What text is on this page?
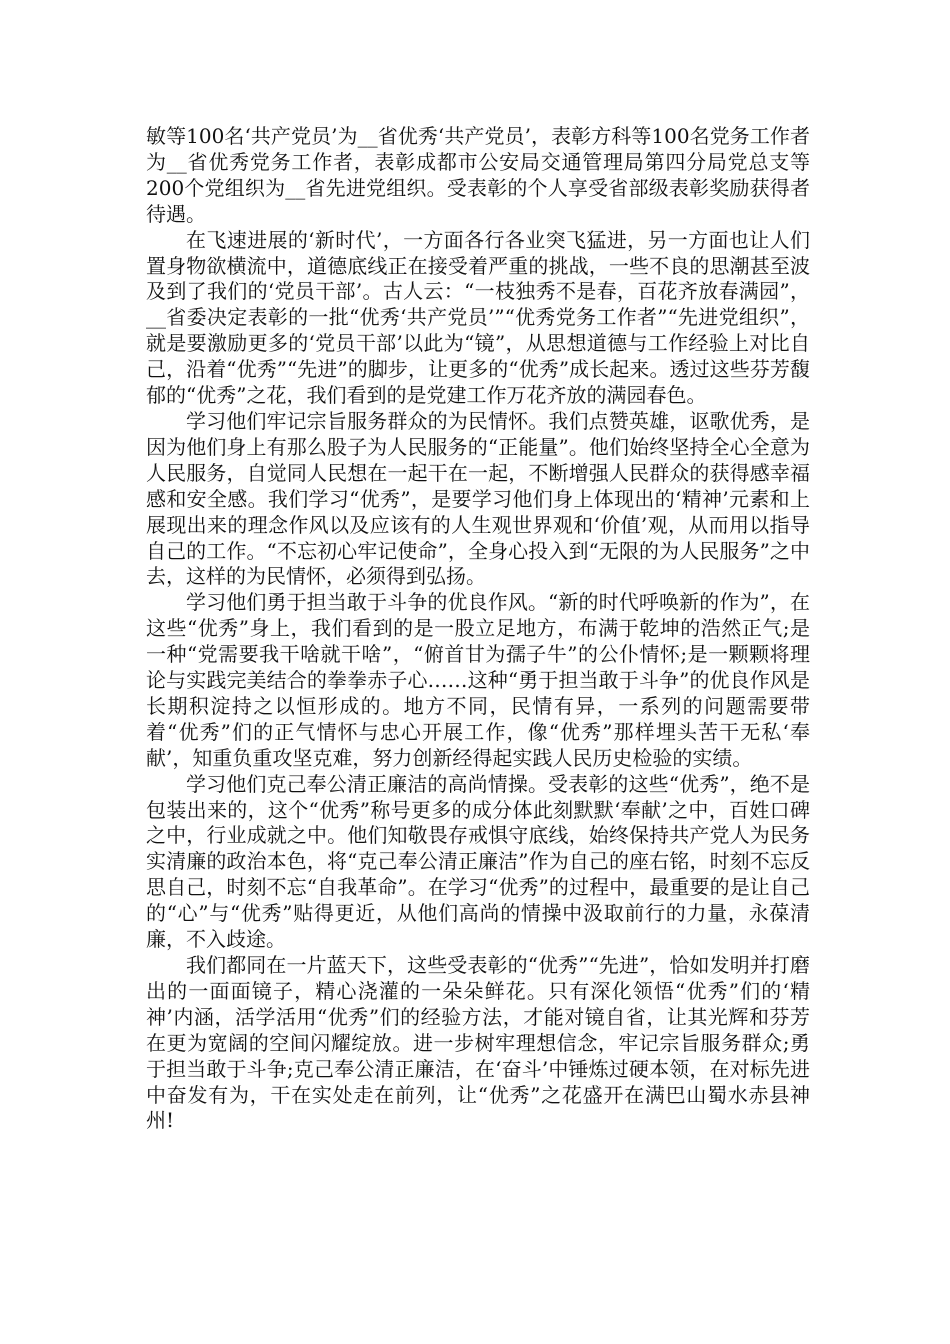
敏等100名‘共产党员’为__省优秀‘共产党员’，表彰方科等100名党务工作者为__省优秀党务工作者，表彰成都市公安局交通管理局第四分局党总支等200个党组织为__省先进党组织。受表彰的个人享受省部级表彰奖励获得者待遇。

在飞速进展的‘新时代’，一方面各行各业突飞猛进，另一方面也让人们置身物欲横流中，道德底线正在接受着严重的挑战，一些不良的思潮甚至波及到了我们的‘党员干部’。古人云：“一枝独秀不是春，百花齐放春满园”，__省委决定表彰的一批“优秀‘共产党员’”“优秀党务工作者”“先进党组织”，就是要激励更多的‘党员干部’以此为“镜”，从思想道德与工作经验上对比自己，沿着“优秀”“先进”的脚步，让更多的“优秀”成长起来。透过这些芬芳馥郁的“优秀”之花，我们看到的是党建工作万花齐放的满园春色。

学习他们牢记宗旨服务群众的为民情怀。我们点赞英雄，讴歌优秀，是因为他们身上有那么股子为人民服务的“正能量”。他们始终坚持全心全意为人民服务，自觉同人民想在一起干在一起，不断增强人民群众的获得感幸福感和安全感。我们学习“优秀”，是要学习他们身上体现出的‘精神’元素和上展现出来的理念作风以及应该有的人生观世界观和‘价值’观，从而用以指导自己的工作。“不忘初心牢记使命”，全身心投入到“无限的为人民服务”之中去，这样的为民情怀，必须得到弘扬。

学习他们勇于担当敢于斗争的优良作风。“新的时代呼唤新的作为”，在这些“优秀”身上，我们看到的是一股立足地方，布满于乾坤的浩然正气;是一种“党需要我干啥就干啥”，“俯首甘为孺子牛”的公仆情怀;是一颗颗将理论与实践完美结合的拳拳赤子心……这种“勇于担当敢于斗争”的优良作风是长期积淀持之以恒形成的。地方不同，民情有异，一系列的问题需要带着“优秀”们的正气情怀与忠心开展工作，像“优秀”那样埋头苦干无私‘奉献’，知重负重攻坚克难，努力创新经得起实践人民历史检验的实绩。

学习他们克己奉公清正廉洁的高尚情操。受表彰的这些“优秀”，绝不是包装出来的，这个“优秀”称号更多的成分体此刻默默‘奉献’之中，百姓口碑之中，行业成就之中。他们知敬畏存戒惧守底线，始终保持共产党人为民务实清廉的政治本色，将“克己奉公清正廉洁”作为自己的座右铭，时刻不忘反思自己，时刻不忘“自我革命”。在学习“优秀”的过程中，最重要的是让自己的“心”与“优秀”贴得更近，从他们高尚的情操中汲取前行的力量，永葆清廉，不入歧途。

我们都同在一片蓝天下，这些受表彰的“优秀”“先进”，恰如发明并打磨出的一面面镜子，精心浇灌的一朵朵鲜花。只有深化领悟“优秀”们的‘精神’内涵，活学活用“优秀”们的经验方法，才能对镜自省，让其光辉和芬芳在更为宽阔的空间闪耀绽放。进一步树牢理想信念，牢记宗旨服务群众;勇于担当敢于斗争;克己奉公清正廉洁，在‘奋斗’中锤炼过硬本领，在对标先进中奋发有为，干在实处走在前列，让“优秀”之花盛开在满巴山蜀水赤县神州!
